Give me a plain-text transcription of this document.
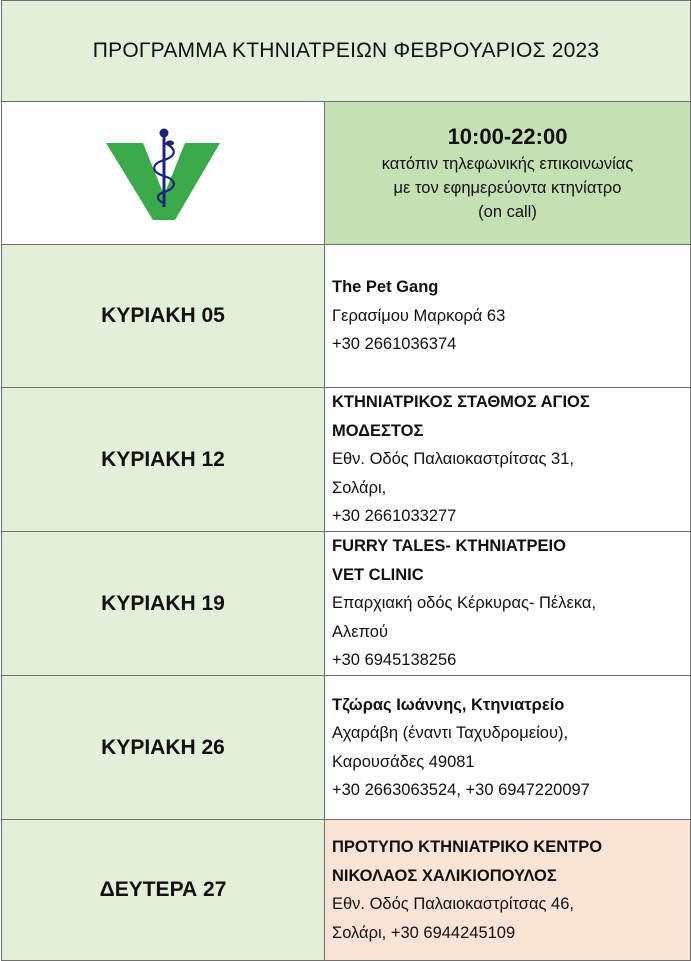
ΠΡΟΓΡΑΜΜΑ ΚΤΗΝΙΑΤΡΕΙΩΝ ΦΕΒΡΟΥΑΡΙΟΣ 2023	

10:00-22:00
κατόπιν τηλεφωνικής επικοινωνίας
με τον εφημερεύοντα κτηνίατρο
(on call)

ΚΥΡΙΑΚΗ 05	The Pet Gang
Γερασίμου Μαρκορά 63
+30 2661036374

ΚΥΡΙΑΚΗ 12	ΚΤΗΝΙΑΤΡΙΚΟΣ ΣΤΑΘΜΟΣ ΑΓΙΟΣ
ΜΟΔΕΣΤΟΣ
Εθν. Οδός Παλαιοκαστρίτσας 31,
Σολάρι,
+30 2661033277

ΚΥΡΙΑΚΗ 19	FURRY TALES- ΚΤΗΝΙΑΤΡΕΙΟ
VET CLINIC
Επαρχιακή οδός Κέρκυρας- Πέλεκα,
Αλεπού
+30 6945138256

ΚΥΡΙΑΚΗ 26	Τζώρας Ιωάννης, Κτηνιατρείο
Αχαράβη (έναντι Ταχυδρομείου),
Καρουσάδες 49081
+30 2663063524, +30 6947220097

ΔΕΥΤΕΡΑ 27	ΠΡΟΤΥΠΟ ΚΤΗΝΙΑΤΡΙΚΟ ΚΕΝΤΡΟ
ΝΙΚΟΛΑΟΣ ΧΑΛΙΚΙΟΠΟΥΛΟΣ
Εθν. Οδός Παλαιοκαστρίτσας 46,
Σολάρι, +30 6944245109
